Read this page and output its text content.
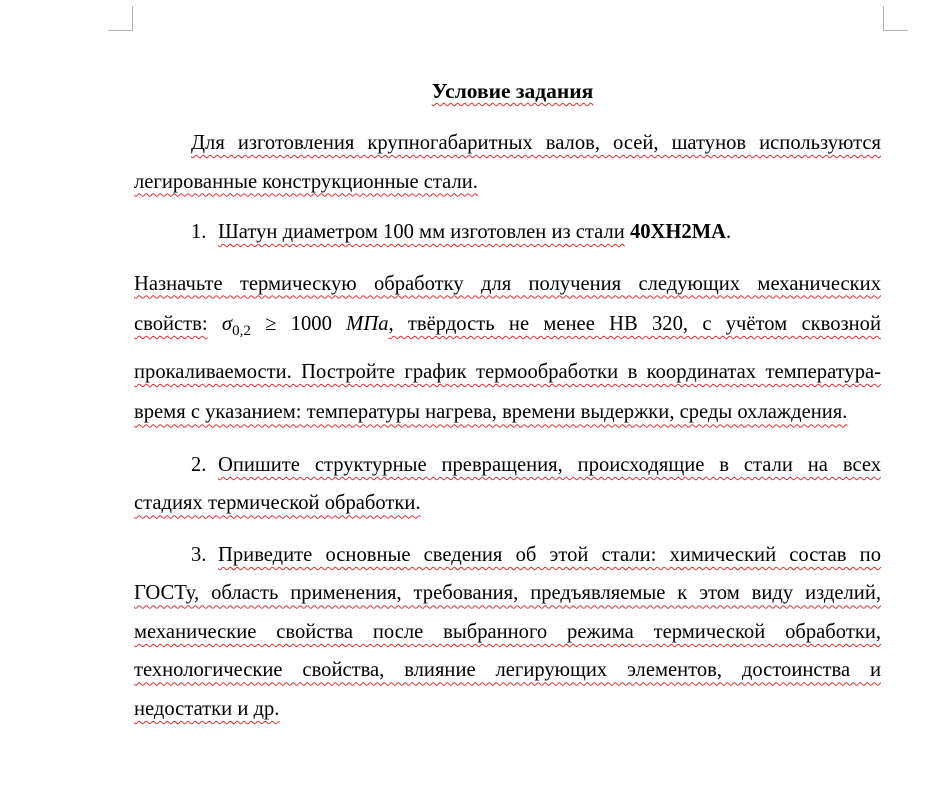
Условие задания

Для изготовления крупногабаритных валов, осей, шатунов используются легированные конструкционные стали.

1. Шатун диаметром 100 мм изготовлен из стали 40ХН2МА.

Назначьте термическую обработку для получения следующих механических свойств: $\sigma_{0,2} \ge 1000$ МПа, твёрдость не менее HB 320, с учётом сквозной прокаливаемости. Постройте график термообработки в координатах температура-время с указанием: температуры нагрева, времени выдержки, среды охлаждения.

2. Опишите структурные превращения, происходящие в стали на всех стадиях термической обработки.

3. Приведите основные сведения об этой стали: химический состав по ГОСТу, область применения, требования, предъявляемые к этом виду изделий, механические свойства после выбранного режима термической обработки, технологические свойства, влияние легирующих элементов, достоинства и недостатки и др.
